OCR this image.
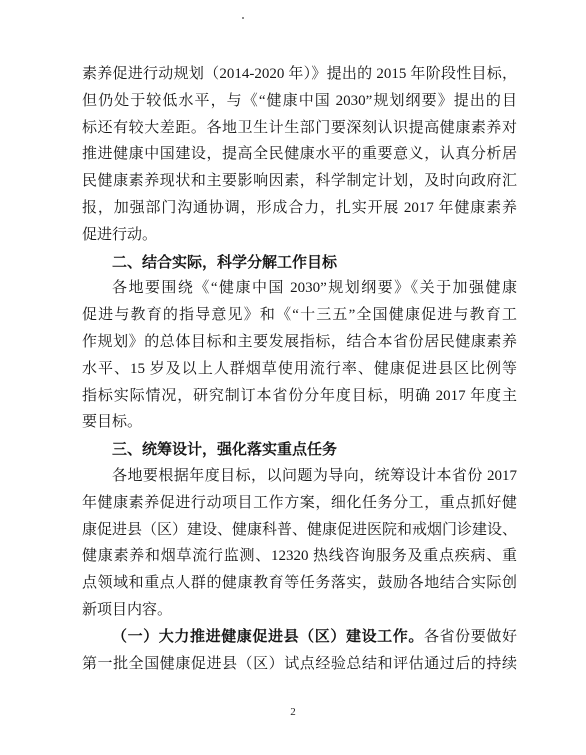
素养促进行动规划（2014-2020 年）》提出的 2015 年阶段性目标，
但仍处于较低水平，与《“健康中国 2030”规划纲要》提出的目
标还有较大差距。各地卫生计生部门要深刻认识提高健康素养对
推进健康中国建设，提高全民健康水平的重要意义，认真分析居
民健康素养现状和主要影响因素，科学制定计划，及时向政府汇
报，加强部门沟通协调，形成合力，扎实开展 2017 年健康素养
促进行动。
二、结合实际，科学分解工作目标
各地要围绕《“健康中国 2030”规划纲要》《关于加强健康
促进与教育的指导意见》和《“十三五”全国健康促进与教育工
作规划》的总体目标和主要发展指标，结合本省份居民健康素养
水平、15 岁及以上人群烟草使用流行率、健康促进县区比例等
指标实际情况，研究制订本省份分年度目标，明确 2017 年度主
要目标。
三、统筹设计，强化落实重点任务
各地要根据年度目标，以问题为导向，统筹设计本省份 2017
年健康素养促进行动项目工作方案，细化任务分工，重点抓好健
康促进县（区）建设、健康科普、健康促进医院和戒烟门诊建设、
健康素养和烟草流行监测、12320 热线咨询服务及重点疾病、重
点领域和重点人群的健康教育等任务落实，鼓励各地结合实际创
新项目内容。
（一）大力推进健康促进县（区）建设工作。各省份要做好
第一批全国健康促进县（区）试点经验总结和评估通过后的持续
2
